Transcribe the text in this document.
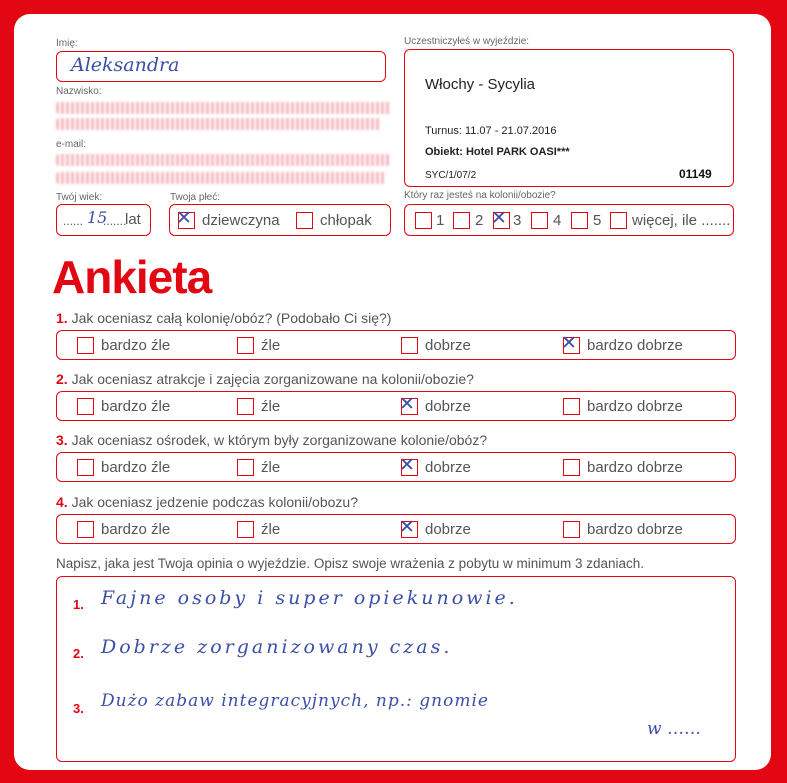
Imię:
Aleksandra
Nazwisko:
e-mail:
Twój wiek:
...... 15
.......
lat
Twoja płeć:
✕ dziewczyna	chłopak
Uczestniczyłeś w wyjeździe:
Włochy - Sycylia
Turnus: 11.07 - 21.07.2016
Obiekt: Hotel PARK OASI***
SYC/1/07/2	01149
Który raz jesteś na kolonii/obozie?
1 2 ✕ 3 4 5 więcej, ile .......
Ankieta
Napisz, jaka jest Twoja opinia o wyjeździe. Opisz swoje wrażenia z pobytu w minimum 3 zdaniach.
1. Fajne osoby i super opiekunowie.
2. Dobrze zorganizowany czas.
3. Dużo zabaw integracyjnych, np.: gnomie
w ……
1. Jak oceniasz całą kolonię/obóz? (Podobało Ci się?)
bardzo źle	źle	dobrze	✕ bardzo dobrze
2. Jak oceniasz atrakcje i zajęcia zorganizowane na kolonii/obozie?
bardzo źle	źle	✕ dobrze	bardzo dobrze
3. Jak oceniasz ośrodek, w którym były zorganizowane kolonie/obóz?
bardzo źle	źle	✕ dobrze	bardzo dobrze
4. Jak oceniasz jedzenie podczas kolonii/obozu?
bardzo źle	źle	✕ dobrze	bardzo dobrze
